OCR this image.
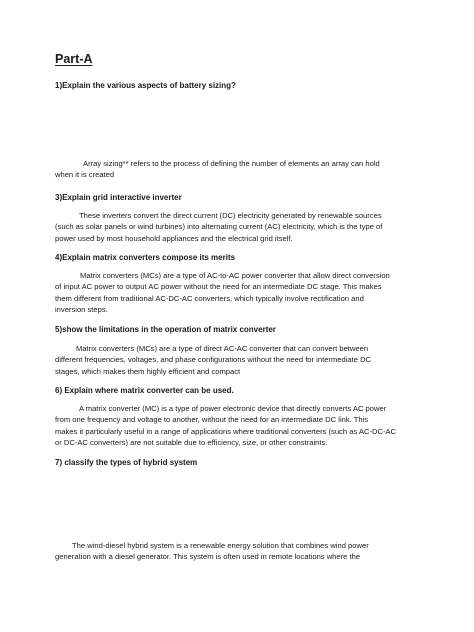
Part-A
1)Explain the various aspects of battery sizing?
Array sizing** refers to the process of defining the number of elements an array can hold
when it is created
3)Explain grid interactive inverter
These inverters convert the direct current (DC) electricity generated by renewable sources
(such as solar panels or wind turbines) into alternating current (AC) electricity, which is the type of
power used by most household appliances and the electrical grid itself.
4)Explain matrix converters compose its merits
Matrix converters (MCs) are a type of AC-to-AC power converter that allow direct conversion
of input AC power to output AC power without the need for an intermediate DC stage. This makes
them different from traditional AC-DC-AC converters, which typically involve rectification and
inversion steps.
5)show the limitations in the operation of matrix converter
Matrix converters (MCs) are a type of direct AC-AC converter that can convert between
different frequencies, voltages, and phase configurations without the need for intermediate DC
stages, which makes them highly efficient and compact
6) Explain where matrix converter can be used.
A matrix converter (MC) is a type of power electronic device that directly converts AC power
from one frequency and voltage to another, without the need for an intermediate DC link. This
makes it particularly useful in a range of applications where traditional converters (such as AC-DC-AC
or DC-AC converters) are not suitable due to efficiency, size, or other constraints.
7) classify the types of hybrid system
The wind-diesel hybrid system is a renewable energy solution that combines wind power
generation with a diesel generator. This system is often used in remote locations where the
